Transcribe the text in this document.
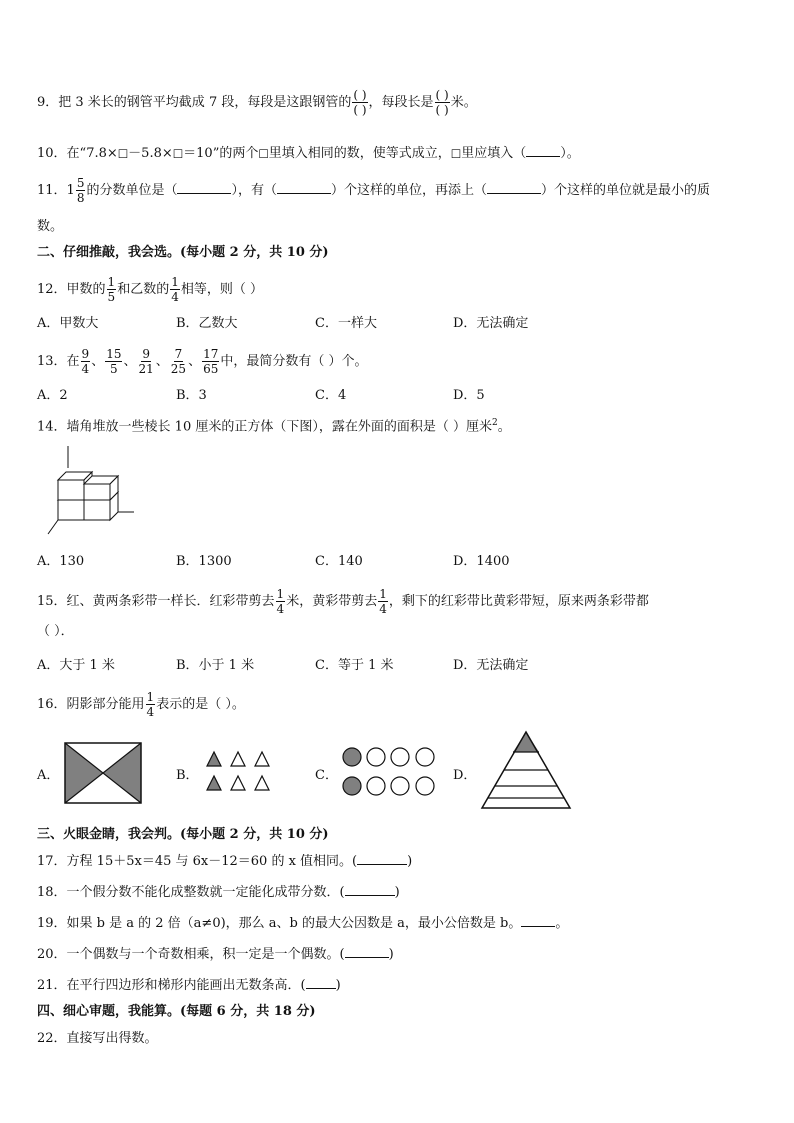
9．把 3 米长的钢管平均截成 7 段，每段是这跟钢管的 $\frac{( )}{( )}$ ，每段长是 $\frac{( )}{( )}$ 米。
10．在“7.8×□－5.8×□＝10”的两个□里填入相同的数，使等式成立，□里应填入（	）。
11．$1 \frac{5}{8}$ 的分数单位是（	），有（	）个这样的单位，再添上（	）个这样的单位就是最小的质
数。
二、仔细推敲，我会选。(每小题 2 分，共 10 分)
12．甲数的 $\frac{1}{5}$ 和乙数的 $\frac{1}{4}$ 相等，则（ ）
A．甲数大	B．乙数大	C．一样大	D．无法确定
13．在 $\frac{9}{4}$ 、 $\frac{15}{5}$ 、 $\frac{9}{21}$ 、 $\frac{7}{25}$ 、 $\frac{17}{65}$ 中，最简分数有（ ）个。
A．2	B．3	C．4	D．5
14．墙角堆放一些棱长 10 厘米的正方体（下图），露在外面的面积是（ ）厘米$^2$。
A．130	B．1300	C．140	D．1400
15．红、黄两条彩带一样长．红彩带剪去 $\frac{1}{4}$ 米，黄彩带剪去 $\frac{1}{4}$ ，剩下的红彩带比黄彩带短，原来两条彩带都
（ ）．
A．大于 1 米	B．小于 1 米	C．等于 1 米	D．无法确定
16．阴影部分能用 $\frac{1}{4}$ 表示的是（ ）。
A．	B．	C．	D．
三、火眼金睛，我会判。(每小题 2 分，共 10 分)
17．方程 15＋5x＝45 与 6x－12＝60 的 x 值相同。(	)
18．一个假分数不能化成整数就一定能化成带分数．(	)
19．如果 b 是 a 的 2 倍（a≠0)，那么 a、b 的最大公因数是 a，最小公倍数是 b。	。
20．一个偶数与一个奇数相乘，积一定是一个偶数。(	)
21．在平行四边形和梯形内能画出无数条高．( )
四、细心审题，我能算。(每题 6 分，共 18 分)
22．直接写出得数。
